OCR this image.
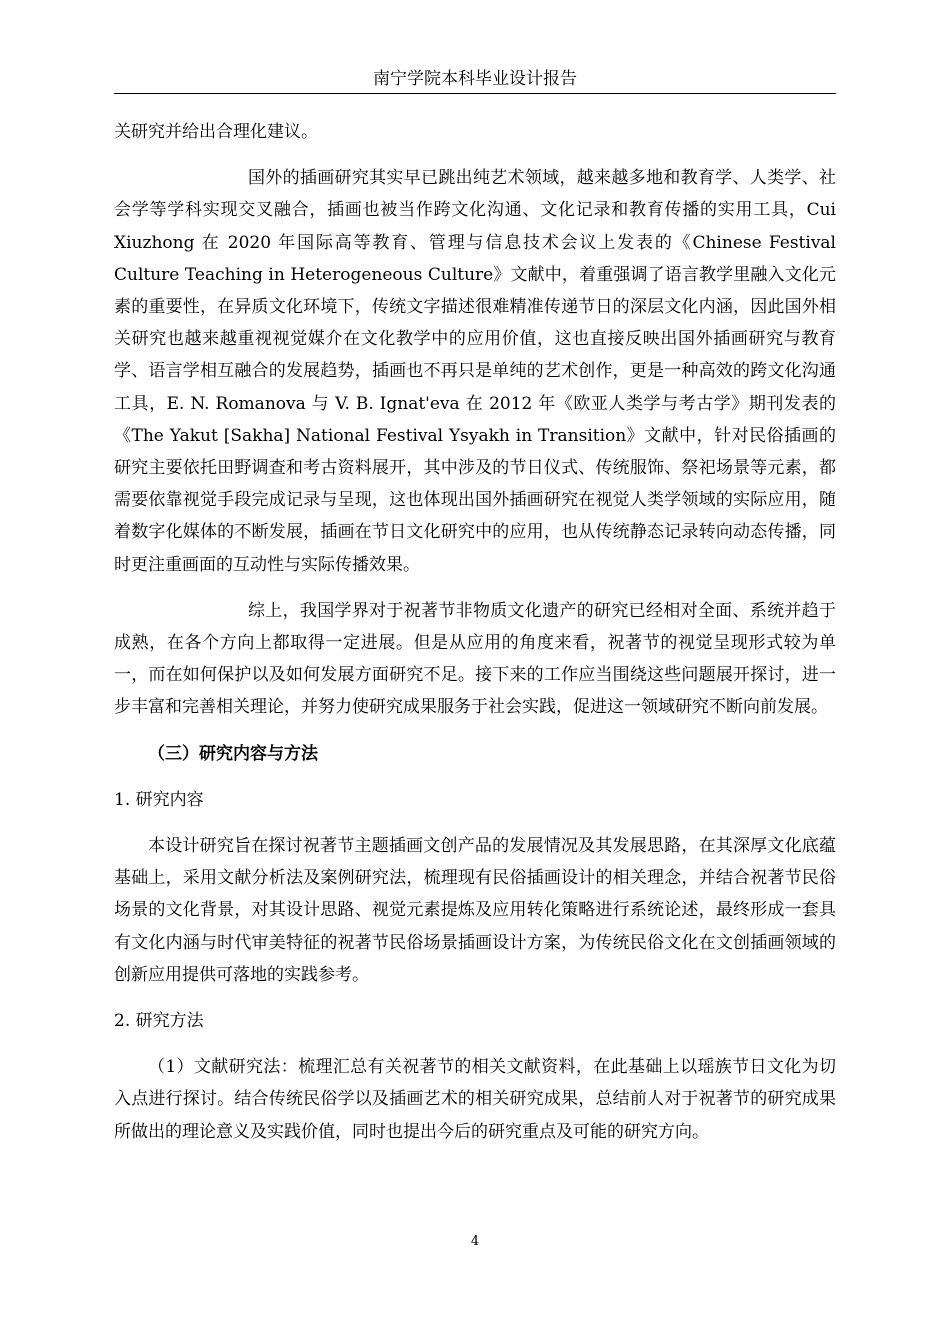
南宁学院本科毕业设计报告

关研究并给出合理化建议。

国外的插画研究其实早已跳出纯艺术领域，越来越多地和教育学、人类学、社会学等学科实现交叉融合，插画也被当作跨文化沟通、文化记录和教育传播的实用工具，Cui Xiuzhong 在 2020 年国际高等教育、管理与信息技术会议上发表的《Chinese Festival Culture Teaching in Heterogeneous Culture》文献中，着重强调了语言教学里融入文化元素的重要性，在异质文化环境下，传统文字描述很难精准传递节日的深层文化内涵，因此国外相关研究也越来越重视视觉媒介在文化教学中的应用价值，这也直接反映出国外插画研究与教育学、语言学相互融合的发展趋势，插画也不再只是单纯的艺术创作，更是一种高效的跨文化沟通工具，E. N. Romanova 与 V. B. Ignat'eva 在 2012 年《欧亚人类学与考古学》期刊发表的《The Yakut [Sakha] National Festival Ysyakh in Transition》文献中，针对民俗插画的研究主要依托田野调查和考古资料展开，其中涉及的节日仪式、传统服饰、祭祀场景等元素，都需要依靠视觉手段完成记录与呈现，这也体现出国外插画研究在视觉人类学领域的实际应用，随着数字化媒体的不断发展，插画在节日文化研究中的应用，也从传统静态记录转向动态传播，同时更注重画面的互动性与实际传播效果。

综上，我国学界对于祝著节非物质文化遗产的研究已经相对全面、系统并趋于成熟，在各个方向上都取得一定进展。但是从应用的角度来看，祝著节的视觉呈现形式较为单一，而在如何保护以及如何发展方面研究不足。接下来的工作应当围绕这些问题展开探讨，进一步丰富和完善相关理论，并努力使研究成果服务于社会实践，促进这一领域研究不断向前发展。

（三）研究内容与方法

1. 研究内容

本设计研究旨在探讨祝著节主题插画文创产品的发展情况及其发展思路，在其深厚文化底蕴基础上，采用文献分析法及案例研究法，梳理现有民俗插画设计的相关理念，并结合祝著节民俗场景的文化背景，对其设计思路、视觉元素提炼及应用转化策略进行系统论述，最终形成一套具有文化内涵与时代审美特征的祝著节民俗场景插画设计方案，为传统民俗文化在文创插画领域的创新应用提供可落地的实践参考。

2. 研究方法

（1）文献研究法：梳理汇总有关祝著节的相关文献资料，在此基础上以瑶族节日文化为切入点进行探讨。结合传统民俗学以及插画艺术的相关研究成果，总结前人对于祝著节的研究成果所做出的理论意义及实践价值，同时也提出今后的研究重点及可能的研究方向。

4
